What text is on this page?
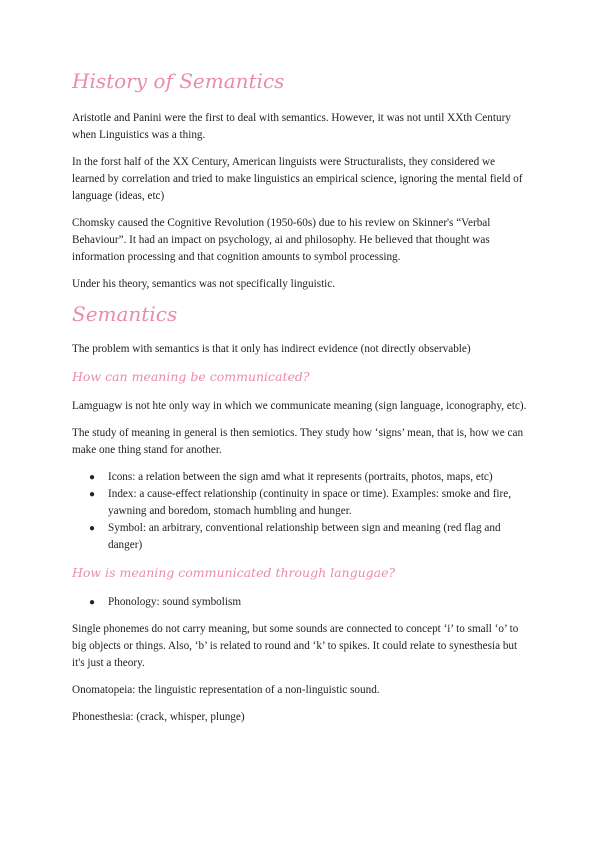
History of Semantics

Aristotle and Panini were the first to deal with semantics. However, it was not until XXth Century when Linguistics was a thing.

In the forst half of the XX Century, American linguists were Structuralists, they considered we learned by correlation and tried to make linguistics an empirical science, ignoring the mental field of language (ideas, etc)

Chomsky caused the Cognitive Revolution (1950-60s) due to his review on Skinner's “Verbal Behaviour”. It had an impact on psychology, ai and philosophy. He believed that thought was information processing and that cognition amounts to symbol processing.

Under his theory, semantics was not specifically linguistic.

Semantics

The problem with semantics is that it only has indirect evidence (not directly observable)

How can meaning be communicated?

Lamguagw is not hte only way in which we communicate meaning (sign language, iconography, etc).

The study of meaning in general is then semiotics. They study how ‘signs’ mean, that is, how we can make one thing stand for another.

● Icons: a relation between the sign amd what it represents (portraits, photos, maps, etc)
● Index: a cause-effect relationship (continuity in space or time). Examples: smoke and fire, yawning and boredom, stomach humbling and hunger.
● Symbol: an arbitrary, conventional relationship between sign and meaning (red flag and danger)
How is meaning communicated through langugae?
● Phonology: sound symbolism

Single phonemes do not carry meaning, but some sounds are connected to concept ‘i’ to small ‘o’ to big objects or things. Also, ‘b’ is related to round and ‘k’ to spikes. It could relate to synesthesia but it's just a theory.

Onomatopeia: the linguistic representation of a non-linguistic sound.

Phonesthesia: (crack, whisper, plunge)
